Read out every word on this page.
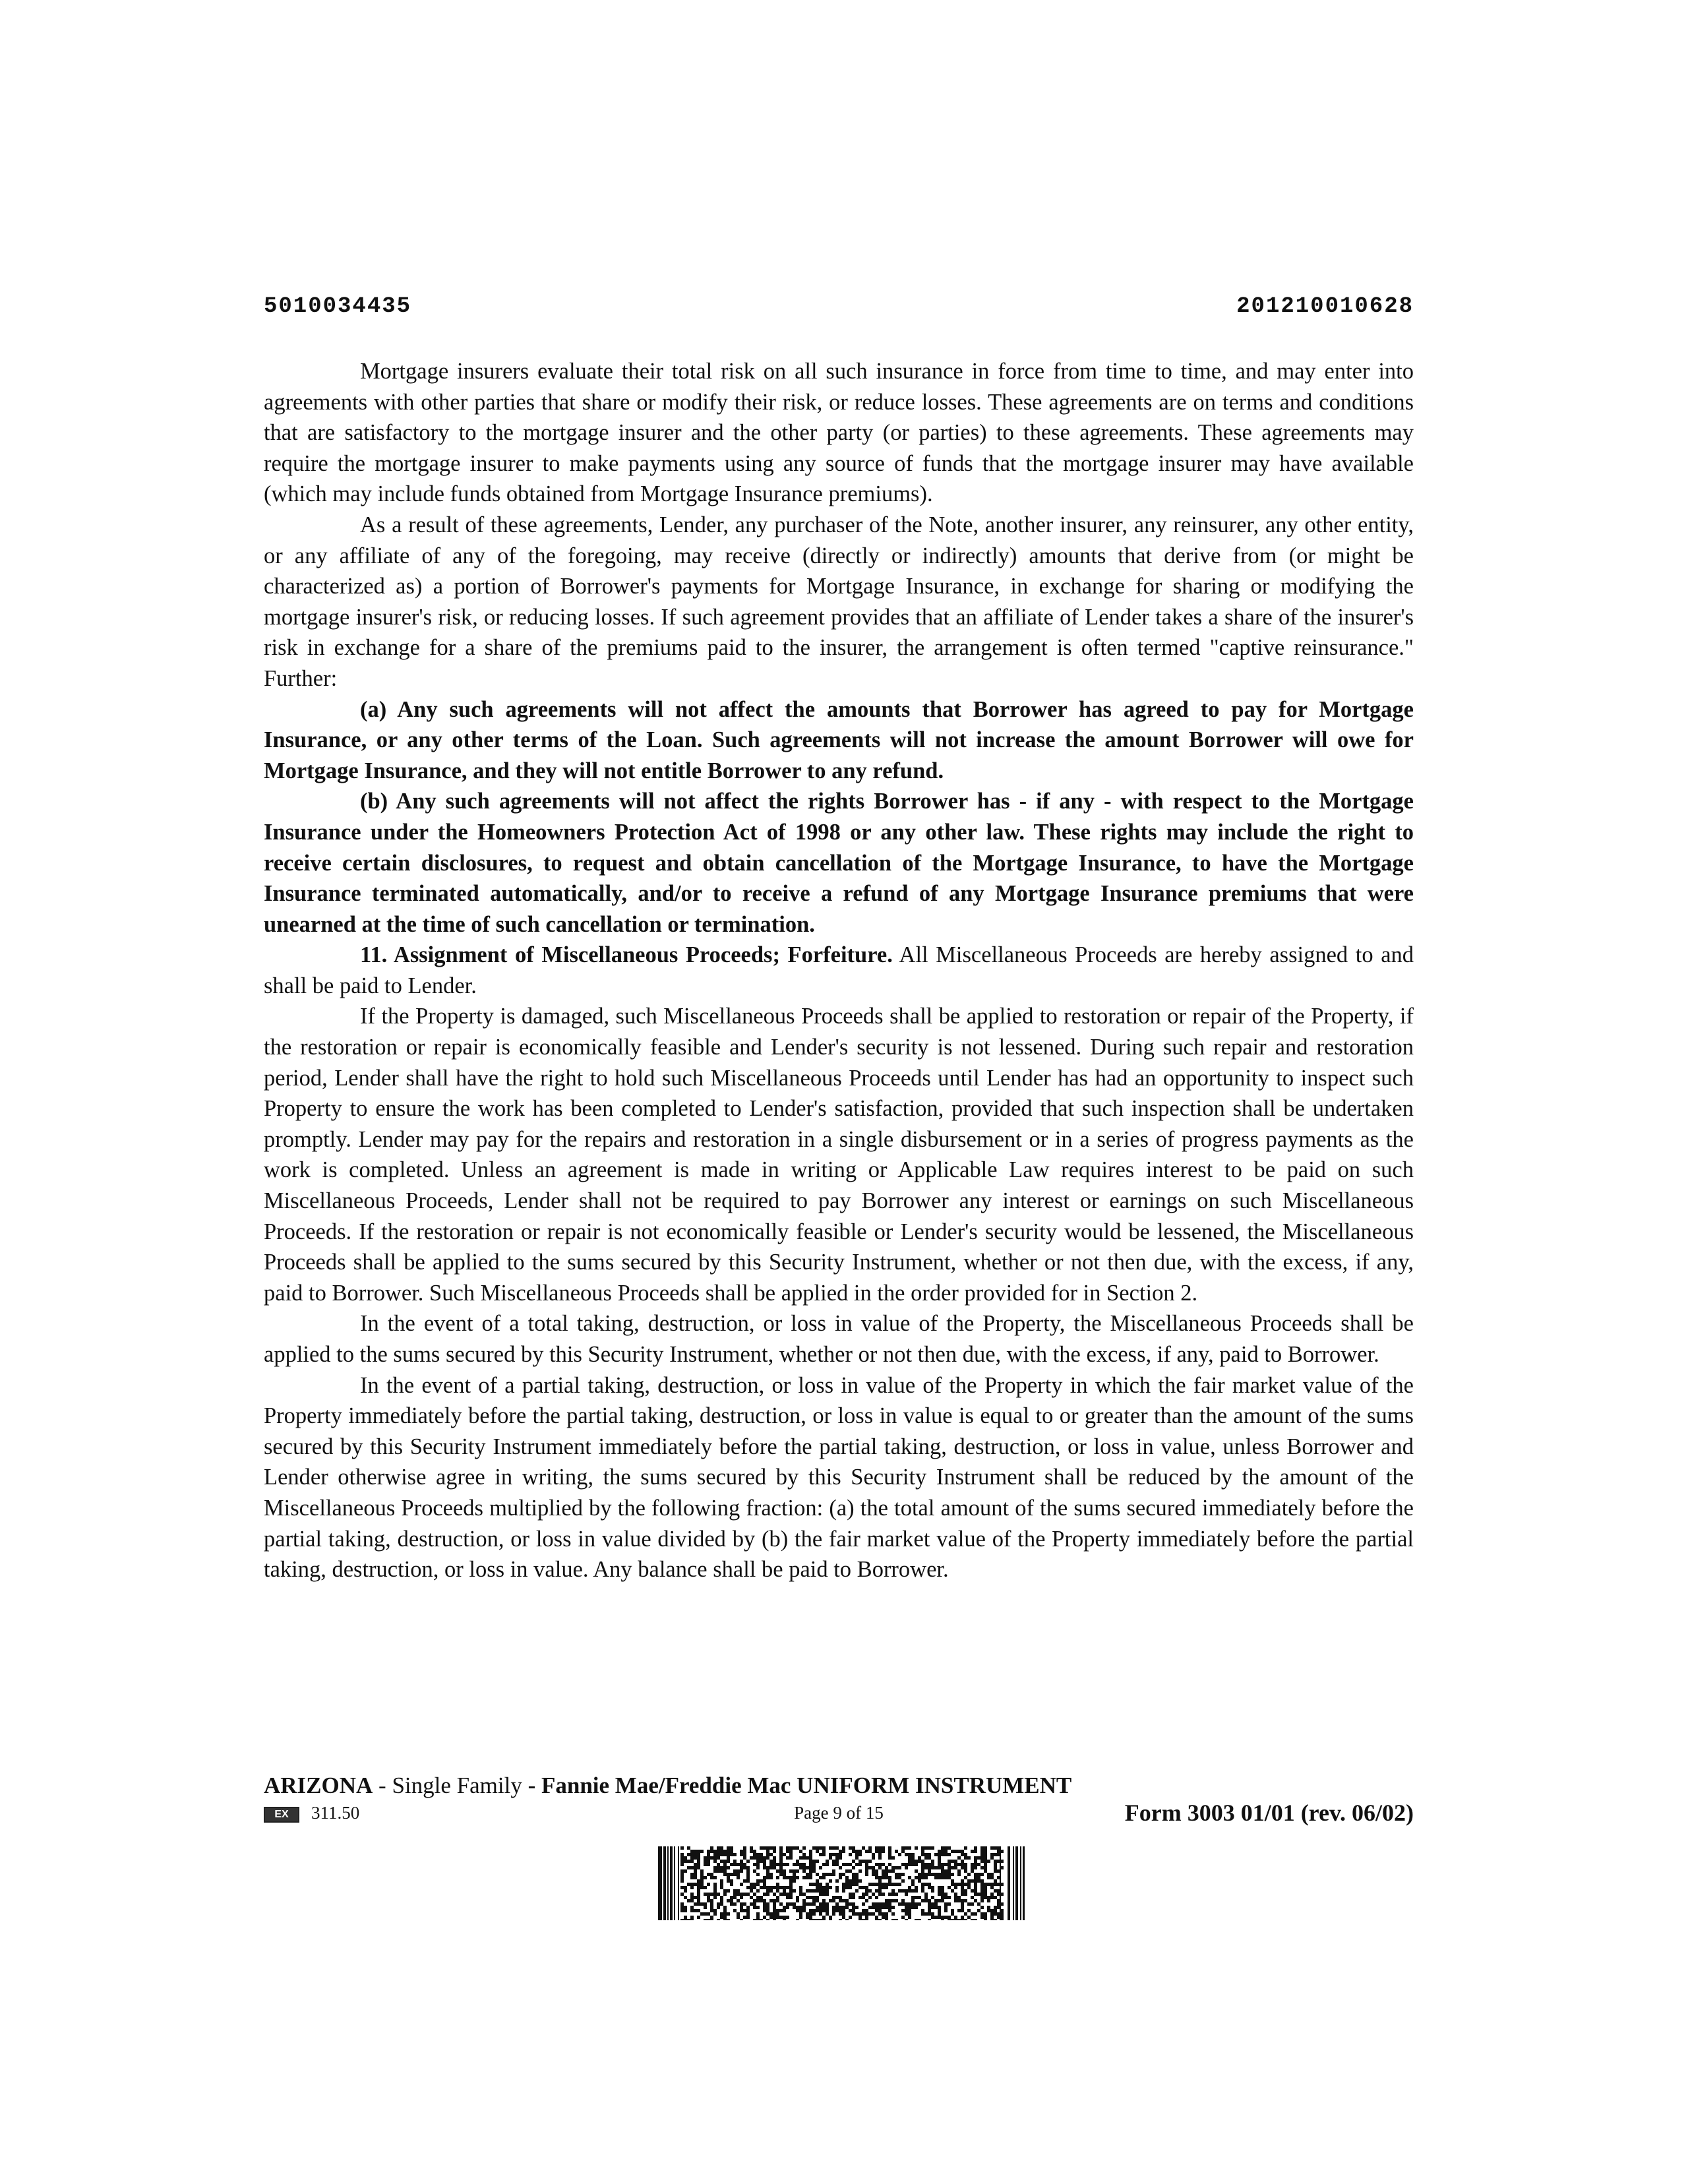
5010034435	201210010628

Mortgage insurers evaluate their total risk on all such insurance in force from time to time, and may enter into agreements with other parties that share or modify their risk, or reduce losses. These agreements are on terms and conditions that are satisfactory to the mortgage insurer and the other party (or parties) to these agreements. These agreements may require the mortgage insurer to make payments using any source of funds that the mortgage insurer may have available (which may include funds obtained from Mortgage Insurance premiums).

As a result of these agreements, Lender, any purchaser of the Note, another insurer, any reinsurer, any other entity, or any affiliate of any of the foregoing, may receive (directly or indirectly) amounts that derive from (or might be characterized as) a portion of Borrower's payments for Mortgage Insurance, in exchange for sharing or modifying the mortgage insurer's risk, or reducing losses. If such agreement provides that an affiliate of Lender takes a share of the insurer's risk in exchange for a share of the premiums paid to the insurer, the arrangement is often termed "captive reinsurance." Further:

(a) Any such agreements will not affect the amounts that Borrower has agreed to pay for Mortgage Insurance, or any other terms of the Loan. Such agreements will not increase the amount Borrower will owe for Mortgage Insurance, and they will not entitle Borrower to any refund.

(b) Any such agreements will not affect the rights Borrower has - if any - with respect to the Mortgage Insurance under the Homeowners Protection Act of 1998 or any other law. These rights may include the right to receive certain disclosures, to request and obtain cancellation of the Mortgage Insurance, to have the Mortgage Insurance terminated automatically, and/or to receive a refund of any Mortgage Insurance premiums that were unearned at the time of such cancellation or termination.

11. Assignment of Miscellaneous Proceeds; Forfeiture. All Miscellaneous Proceeds are hereby assigned to and shall be paid to Lender.

If the Property is damaged, such Miscellaneous Proceeds shall be applied to restoration or repair of the Property, if the restoration or repair is economically feasible and Lender's security is not lessened. During such repair and restoration period, Lender shall have the right to hold such Miscellaneous Proceeds until Lender has had an opportunity to inspect such Property to ensure the work has been completed to Lender's satisfaction, provided that such inspection shall be undertaken promptly. Lender may pay for the repairs and restoration in a single disbursement or in a series of progress payments as the work is completed. Unless an agreement is made in writing or Applicable Law requires interest to be paid on such Miscellaneous Proceeds, Lender shall not be required to pay Borrower any interest or earnings on such Miscellaneous Proceeds. If the restoration or repair is not economically feasible or Lender's security would be lessened, the Miscellaneous Proceeds shall be applied to the sums secured by this Security Instrument, whether or not then due, with the excess, if any, paid to Borrower. Such Miscellaneous Proceeds shall be applied in the order provided for in Section 2.

In the event of a total taking, destruction, or loss in value of the Property, the Miscellaneous Proceeds shall be applied to the sums secured by this Security Instrument, whether or not then due, with the excess, if any, paid to Borrower.

In the event of a partial taking, destruction, or loss in value of the Property in which the fair market value of the Property immediately before the partial taking, destruction, or loss in value is equal to or greater than the amount of the sums secured by this Security Instrument immediately before the partial taking, destruction, or loss in value, unless Borrower and Lender otherwise agree in writing, the sums secured by this Security Instrument shall be reduced by the amount of the Miscellaneous Proceeds multiplied by the following fraction: (a) the total amount of the sums secured immediately before the partial taking, destruction, or loss in value divided by (b) the fair market value of the Property immediately before the partial taking, destruction, or loss in value. Any balance shall be paid to Borrower.

ARIZONA - Single Family - Fannie Mae/Freddie Mac UNIFORM INSTRUMENT
EX	311.50	Page 9 of 15	Form 3003 01/01 (rev. 06/02)
